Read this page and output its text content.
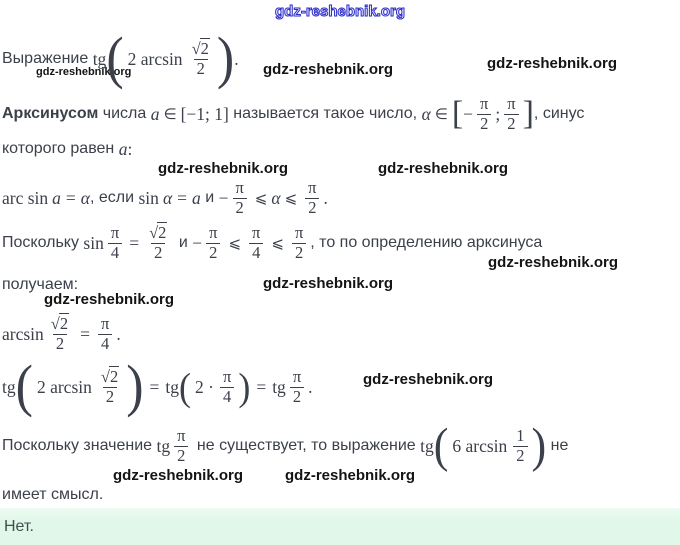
gdz-reshebnik.org
gdz-reshebnik.org	gdz-reshebnik.org	gdz-reshebnik.org
gdz-reshebnik.org	gdz-reshebnik.org
gdz-reshebnik.org
gdz-reshebnik.org
gdz-reshebnik.org
gdz-reshebnik.org
gdz-reshebnik.org	gdz-reshebnik.org
Выражение tg ( 2 $\arcsin \frac{√2}{2}$ ) .
Арксинусом числа a ∈ [−1; 1] называется такое число, α ∈ [ − $\frac{\pi}{2}$ ; $\frac{\pi}{2}$ ] , синус
которого равен a :
arc sin a = α , если sin α = a $и - \frac{\pi}{2}$ ⩽ α ⩽ $\frac{\pi}{2}$ .
Поскольку $\sin \frac{\pi}{4} = \frac{√2}{2}$ $и - \frac{\pi}{2}$ ⩽ $\frac{\pi}{4}$ ⩽ $\frac{\pi}{2}$ , то по определению арксинуса
получаем:
$\arcsin \frac{√2}{2} = \frac{\pi}{4}$ .
tg ( 2 $\arcsin \frac{√2}{2}$ ) = tg ( $2 \cdot \frac{\pi}{4}$ ) = tg $\frac{\pi}{2}$ .
Поскольку значение tg $\frac{\pi}{2}$ не существует, то выражение tg ( 6 $\arcsin \frac{1}{2}$ ) не
имеет смысл.
Нет.
